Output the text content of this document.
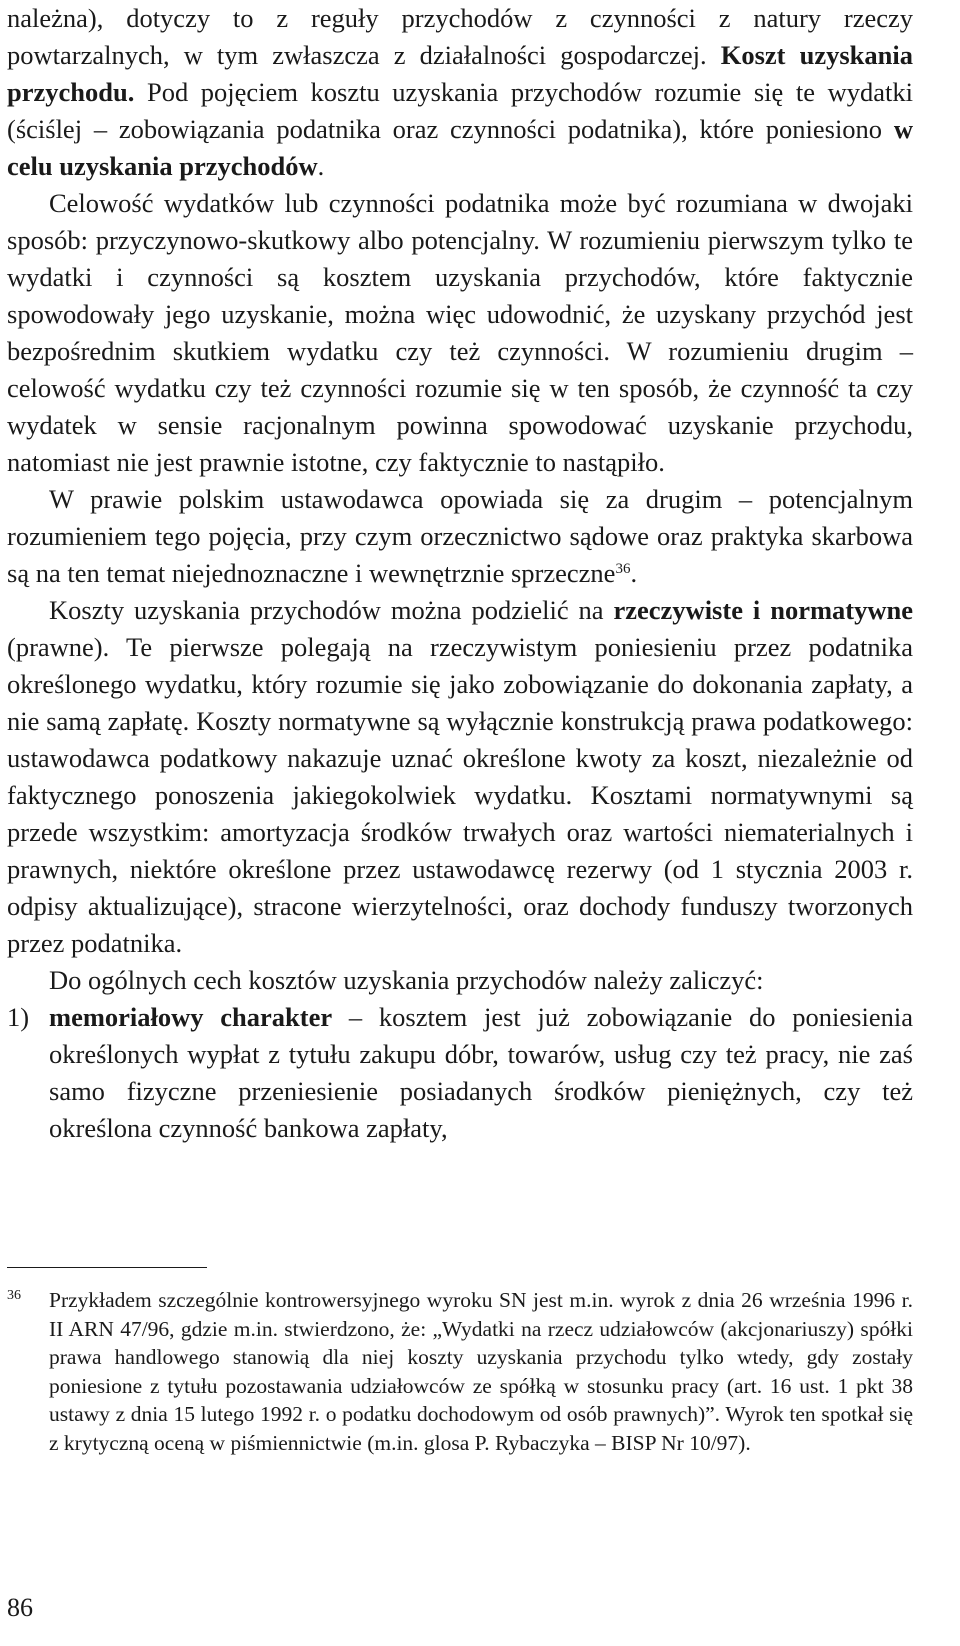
należna), dotyczy to z reguły przychodów z czynności z natury rzeczy powtarzalnych, w tym zwłaszcza z działalności gospodarczej. Koszt uzyskania przychodu. Pod pojęciem kosztu uzyskania przychodów rozumie się te wydatki (ściślej – zobowiązania podatnika oraz czynności podatnika), które poniesiono w celu uzyskania przychodów.

Celowość wydatków lub czynności podatnika może być rozumiana w dwojaki sposób: przyczynowo-skutkowy albo potencjalny. W rozumieniu pierwszym tylko te wydatki i czynności są kosztem uzyskania przychodów, które faktycznie spowodowały jego uzyskanie, można więc udowodnić, że uzyskany przychód jest bezpośrednim skutkiem wydatku czy też czynności. W rozumieniu drugim – celowość wydatku czy też czynności rozumie się w ten sposób, że czynność ta czy wydatek w sensie racjonalnym powinna spowodować uzyskanie przychodu, natomiast nie jest prawnie istotne, czy faktycznie to nastąpiło.

W prawie polskim ustawodawca opowiada się za drugim – potencjalnym rozumieniem tego pojęcia, przy czym orzecznictwo sądowe oraz praktyka skarbowa są na ten temat niejednoznaczne i wewnętrznie sprzeczne$^{36}$.

Koszty uzyskania przychodów można podzielić na rzeczywiste i normatywne (prawne). Te pierwsze polegają na rzeczywistym poniesieniu przez podatnika określonego wydatku, który rozumie się jako zobowiązanie do dokonania zapłaty, a nie samą zapłatę. Koszty normatywne są wyłącznie konstrukcją prawa podatkowego: ustawodawca podatkowy nakazuje uznać określone kwoty za koszt, niezależnie od faktycznego ponoszenia jakiegokolwiek wydatku. Kosztami normatywnymi są przede wszystkim: amortyzacja środków trwałych oraz wartości niematerialnych i prawnych, niektóre określone przez ustawodawcę rezerwy (od 1 stycznia 2003 r. odpisy aktualizujące), stracone wierzytelności, oraz dochody funduszy tworzonych przez podatnika.

Do ogólnych cech kosztów uzyskania przychodów należy zaliczyć:

1) memoriałowy charakter – kosztem jest już zobowiązanie do poniesienia określonych wypłat z tytułu zakupu dóbr, towarów, usług czy też pracy, nie zaś samo fizyczne przeniesienie posiadanych środków pieniężnych, czy też określona czynność bankowa zapłaty,

36	Przykładem szczególnie kontrowersyjnego wyroku SN jest m.in. wyrok z dnia 26 września 1996 r. II ARN 47/96, gdzie m.in. stwierdzono, że: „Wydatki na rzecz udziałowców (akcjonariuszy) spółki prawa handlowego stanowią dla niej koszty uzyskania przychodu tylko wtedy, gdy zostały poniesione z tytułu pozostawania udziałowców ze spółką w stosunku pracy (art. 16 ust. 1 pkt 38 ustawy z dnia 15 lutego 1992 r. o podatku dochodowym od osób prawnych)”. Wyrok ten spotkał się z krytyczną oceną w piśmiennictwie (m.in. glosa P. Rybaczyka – BISP Nr 10/97).

86
